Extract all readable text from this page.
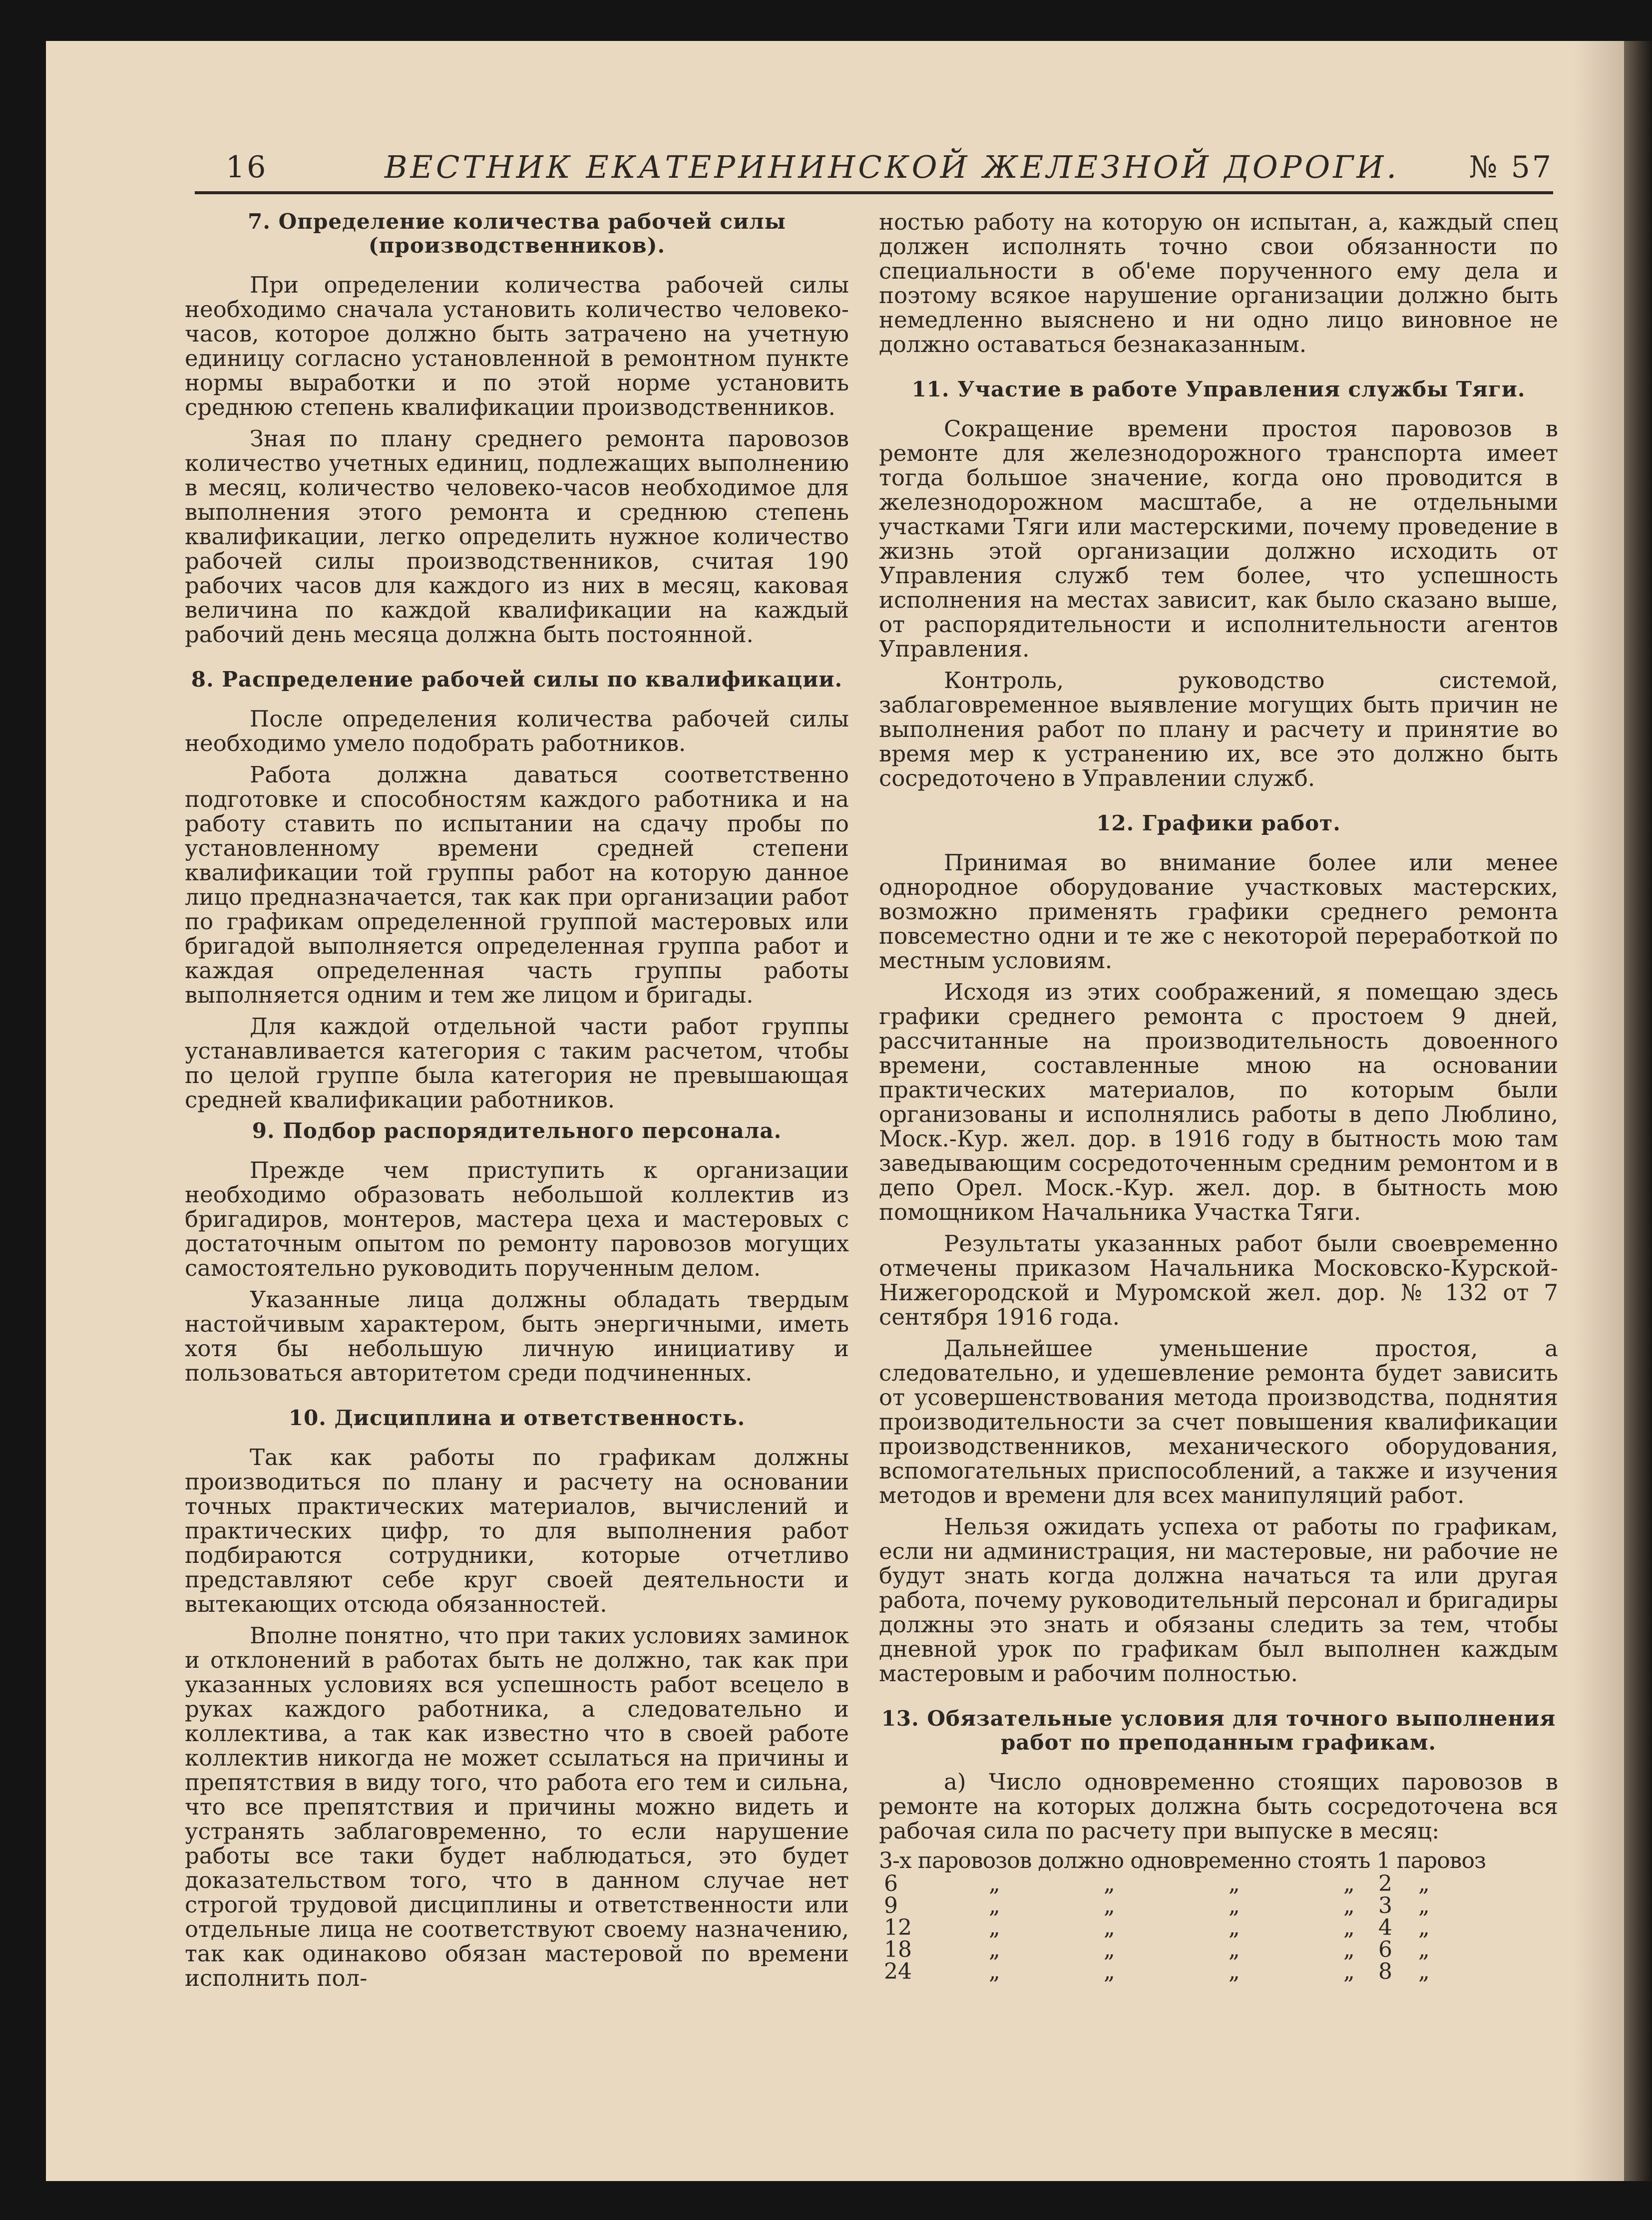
16	ВЕСТНИК ЕКАТЕРИНИНСКОЙ ЖЕЛЕЗНОЙ ДОРОГИ. № 57
7. Определение количества рабочей силы (производственников).

При определении количества рабочей силы необходимо сначала установить количество человеко-часов, которое должно быть затрачено на учетную единицу согласно установленной в ремонтном пункте нормы выработки и по этой норме установить среднюю степень квалификации производственников.

Зная по плану среднего ремонта паровозов количество учетных единиц, подлежащих выполнению в месяц, количество человеко-часов необходимое для выполнения этого ремонта и среднюю степень квалификации, легко определить нужное количество рабочей силы производственников, считая 190 рабочих часов для каждого из них в месяц, каковая величина по каждой квалификации на каждый рабочий день месяца должна быть постоянной.

8. Распределение рабочей силы по квалификации.

После определения количества рабочей силы необходимо умело подобрать работников.

Работа должна даваться соответственно подготовке и способностям каждого работника и на работу ставить по испытании на сдачу пробы по установленному времени средней степени квалификации той группы работ на которую данное лицо предназначается, так как при организации работ по графикам определенной группой мастеровых или бригадой выполняется определенная группа работ и каждая определенная часть группы работы выполняется одним и тем же лицом и бригады.

Для каждой отдельной части работ группы устанавливается категория с таким расчетом, чтобы по целой группе была категория не превышающая средней квалификации работников.

9. Подбор распорядительного персонала.

Прежде чем приступить к организации необходимо образовать небольшой коллектив из бригадиров, монтеров, мастера цеха и мастеровых с достаточным опытом по ремонту паровозов могущих самостоятельно руководить порученным делом.

Указанные лица должны обладать твердым настойчивым характером, быть энергичными, иметь хотя бы небольшую личную инициативу и пользоваться авторитетом среди подчиненных.

10. Дисциплина и ответственность.

Так как работы по графикам должны производиться по плану и расчету на основании точных практических материалов, вычислений и практических цифр, то для выполнения работ подбираются сотрудники, которые отчетливо представляют себе круг своей деятельности и вытекающих отсюда обязанностей.

Вполне понятно, что при таких условиях заминок и отклонений в работах быть не должно, так как при указанных условиях вся успешность работ всецело в руках каждого работника, а следовательно и коллектива, а так как известно что в своей работе коллектив никогда не может ссылаться на причины и препятствия в виду того, что работа его тем и сильна, что все препятствия и причины можно видеть и устранять заблаговременно, то если нарушение работы все таки будет наблюдаться, это будет доказательством того, что в данном случае нет строгой трудовой дисциплины и ответственности или отдельные лица не соответствуют своему назначению, так как одинаково обязан мастеровой по времени исполнить пол-

ностью работу на которую он испытан, а, каждый спец должен исполнять точно свои обязанности по специальности в об'еме порученного ему дела и поэтому всякое нарушение организации должно быть немедленно выяснено и ни одно лицо виновное не должно оставаться безнаказанным.

11. Участие в работе Управления службы Тяги.

Сокращение времени простоя паровозов в ремонте для железнодорожного транспорта имеет тогда большое значение, когда оно проводится в железнодорожном масштабе, а не отдельными участками Тяги или мастерскими, почему проведение в жизнь этой организации должно исходить от Управления служб тем более, что успешность исполнения на местах зависит, как было сказано выше, от распорядительности и исполнительности агентов Управления.

Контроль, руководство системой, заблаговременное выявление могущих быть причин не выполнения работ по плану и расчету и принятие во время мер к устранению их, все это должно быть сосредоточено в Управлении служб.

12. Графики работ.

Принимая во внимание более или менее однородное оборудование участковых мастерских, возможно применять графики среднего ремонта повсеместно одни и те же с некоторой переработкой по местным условиям.

Исходя из этих соображений, я помещаю здесь графики среднего ремонта с простоем 9 дней, рассчитанные на производительность довоенного времени, составленные мною на основании практических материалов, по которым были организованы и исполнялись работы в депо Люблино, Моск.-Кур. жел. дор. в 1916 году в бытность мою там заведывающим сосредоточенным средним ремонтом и в депо Орел. Моск.-Кур. жел. дор. в бытность мою помощником Начальника Участка Тяги.

Результаты указанных работ были своевременно отмечены приказом Начальника Московско-Курской-Нижегородской и Муромской жел. дор. № 132 от 7 сентября 1916 года.

Дальнейшее уменьшение простоя, а следовательно, и удешевление ремонта будет зависить от усовершенствования метода производства, поднятия производительности за счет повышения квалификации производственников, механического оборудования, вспомогательных приспособлений, а также и изучения методов и времени для всех манипуляций работ.

Нельзя ожидать успеха от работы по графикам, если ни администрация, ни мастеровые, ни рабочие не будут знать когда должна начаться та или другая работа, почему руководительный персонал и бригадиры должны это знать и обязаны следить за тем, чтобы дневной урок по графикам был выполнен каждым мастеровым и рабочим полностью.

13. Обязательные условия для точного выполнения работ по преподанным графикам.

а) Число одновременно стоящих паровозов в ремонте на которых должна быть сосредоточена вся рабочая сила по расчету при выпуске в месяц:

3-х паровозов должно одновременно стоять 1 паровоз
6	„	„	„	„ 2 „
9	„	„	„	„ 3 „
12	„	„	„	„ 4 „
18	„	„	„	„ 6 „
24	„	„	„	„ 8 „
